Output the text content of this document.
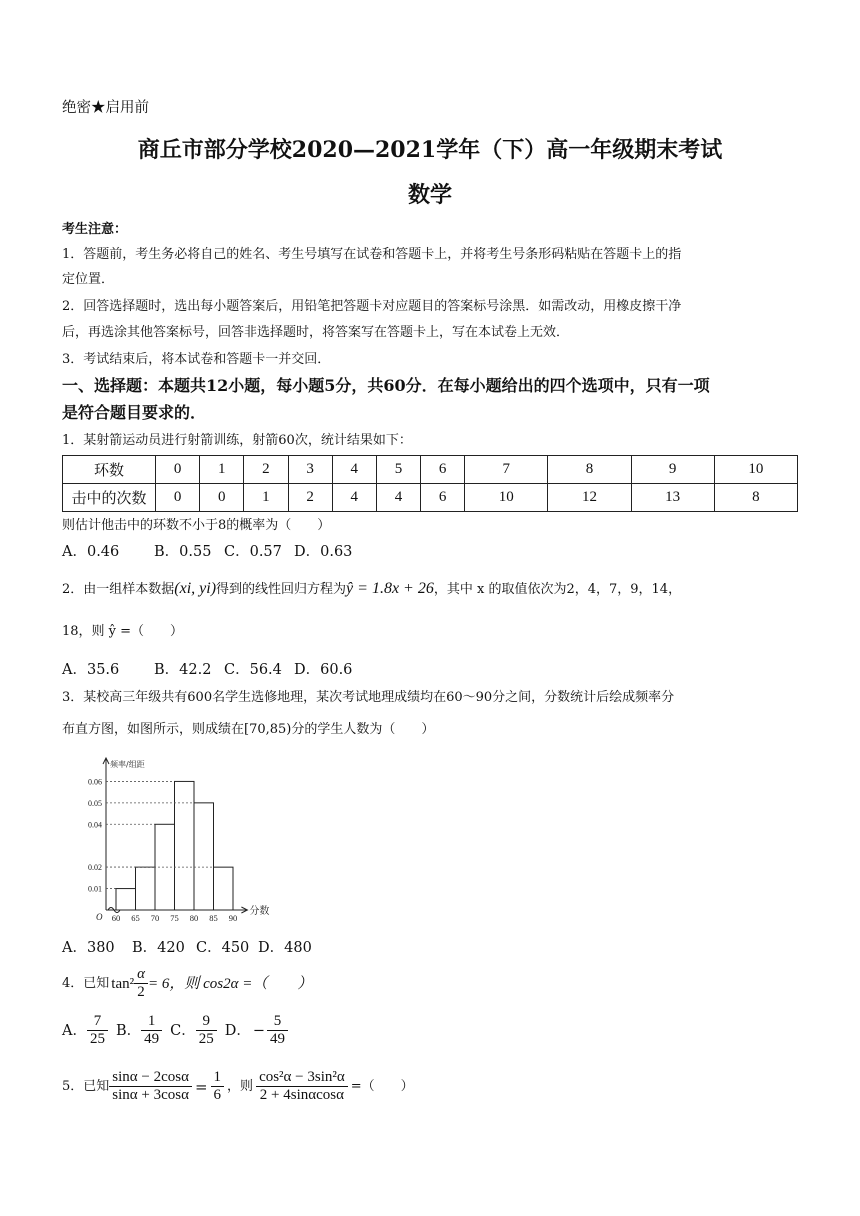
绝密★启用前
商丘市部分学校2020—2021学年（下）高一年级期末考试
数学
考生注意：
1．答题前，考生务必将自己的姓名、考生号填写在试卷和答题卡上，并将考生号条形码粘贴在答题卡上的指
定位置．
2．回答选择题时，选出每小题答案后，用铅笔把答题卡对应题目的答案标号涂黑．如需改动，用橡皮擦干净
后，再选涂其他答案标号，回答非选择题时，将答案写在答题卡上，写在本试卷上无效．
3．考试结束后，将本试卷和答题卡一并交回．
一、选择题：本题共12小题，每小题5分，共60分．在每小题给出的四个选项中，只有一项
是符合题目要求的．
1．某射箭运动员进行射箭训练，射箭60次，统计结果如下：
环数	0	1	2	3	4	5	6	7	8	9	10
击中的次数	0	0	1	2	4	4	6	10	12	13	8
则估计他击中的环数不小于8的概率为（　　）
A．0.46 B．0.55 C．0.57 D．0.63
2．由一组样本数据(xi, yi)得到的线性回归方程为ŷ = 1.8x + 26，其中 x 的取值依次为2，4，7，9，14，
18，则 ŷ =（　　）
A．35.6 B．42.2 C．56.4 D．60.6
3．某校高三年级共有600名学生选修地理，某次考试地理成绩均在60～90分之间，分数统计后绘成频率分
布直方图，如图所示，则成绩在[70,85)分的学生人数为（　　）
0.01
0.02
0.04
0.05
0.06
60 65 70 75 80 85 90
O
频率/组距
分数
A．380 B．420 C．450 D．480
4．已知 $\tan^2 \frac{\alpha}{2} = 6$，则 cos2α =（　　）
A． $\frac{7}{25}$ B． $\frac{1}{49}$ C． $\frac{9}{25}$ D． − $\frac{5}{49}$
5．已知 $\frac{\sin\alpha - 2\cos\alpha}{\sin\alpha + 3\cos\alpha} = \frac{1}{6}$ ，则 $\frac{\text{cos²α − 3sin²α}}{2 + 4\sin\alpha\cos\alpha}$ =（　　）
